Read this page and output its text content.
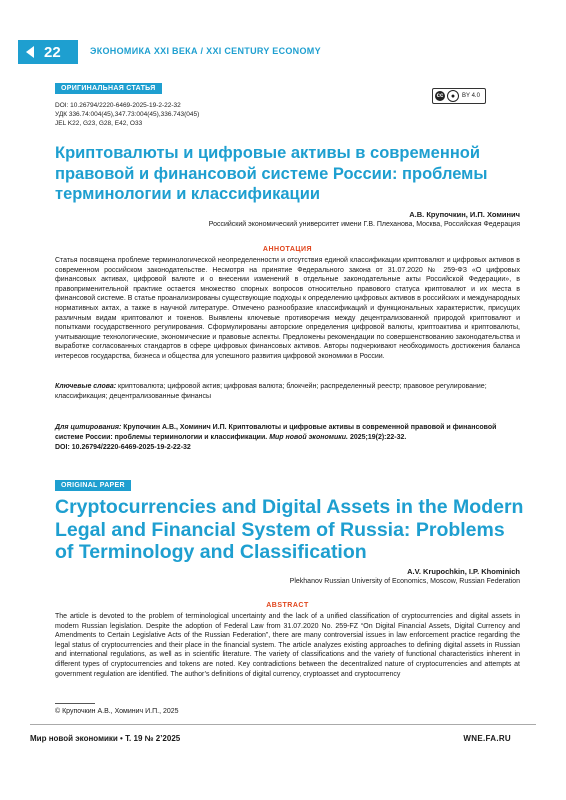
22	ЭКОНОМИКА XXI ВЕКА / XXI CENTURY ECONOMY
ОРИГИНАЛЬНАЯ СТАТЬЯ
cc	●	BY 4.0
DOI: 10.26794/2220-6469-2025-19-2-22-32
УДК 336.74:004(45),347.73:004(45),336.743(045)
JEL K22, G23, G28, E42, O33
Криптовалюты и цифровые активы в современной правовой и финансовой системе России: проблемы терминологии и классификации
А.В. Крупочкин, И.П. Хоминич
Российский экономический университет имени Г.В. Плеханова, Москва, Российская Федерация
АННОТАЦИЯ

Статья посвящена проблеме терминологической неопределенности и отсутствия единой классификации криптовалют и цифровых активов в современном российском законодательстве. Несмотря на принятие Федерального закона от 31.07.2020 № 259-ФЗ «О цифровых финансовых активах, цифровой валюте и о внесении изменений в отдельные законодательные акты Российской Федерации», в правоприменительной практике остается множество спорных вопросов относительно правового статуса криптовалют и их места в финансовой системе. В статье проанализированы существующие подходы к определению цифровых активов в российских и международных нормативных актах, а также в научной литературе. Отмечено разнообразие классификаций и функциональных характеристик, присущих различным видам криптовалют и токенов. Выявлены ключевые противоречия между децентрализованной природой криптовалют и попытками государственного регулирования. Сформулированы авторские определения цифровой валюты, криптоактива и криптовалюты, учитывающие технологические, экономические и правовые аспекты. Предложены рекомендации по совершенствованию законодательства и выработке согласованных стандартов в сфере цифровых финансовых активов. Авторы подчеркивают необходимость достижения баланса интересов государства, бизнеса и общества для успешного развития цифровой экономики в России.

Ключевые слова: криптовалюта; цифровой актив; цифровая валюта; блокчейн; распределенный реестр; правовое регулирование; классификация; децентрализованные финансы

Для цитирования: Крупочкин А.В., Хоминич И.П. Криптовалюты и цифровые активы в современной правовой и финансовой системе России: проблемы терминологии и классификации. Мир новой экономики. 2025;19(2):22-32.
DOI: 10.26794/2220-6469-2025-19-2-22-32

ORIGINAL PAPER
Cryptocurrencies and Digital Assets in the Modern Legal and Financial System of Russia: Problems of Terminology and Classification
A.V. Krupochkin, I.P. Khominich
Plekhanov Russian University of Economics, Moscow, Russian Federation
ABSTRACT

The article is devoted to the problem of terminological uncertainty and the lack of a unified classification of cryptocurrencies and digital assets in modern Russian legislation. Despite the adoption of Federal Law from 31.07.2020 No. 259-FZ “On Digital Financial Assets, Digital Currency and Amendments to Certain Legislative Acts of the Russian Federation”, there are many controversial issues in law enforcement practice regarding the legal status of cryptocurrencies and their place in the financial system. The article analyzes existing approaches to defining digital assets in Russian and international regulations, as well as in scientific literature. The variety of classifications and the variety of functional characteristics inherent in different types of cryptocurrencies and tokens are noted. Key contradictions between the decentralized nature of cryptocurrencies and attempts at government regulation are identified. The author’s definitions of digital currency, cryptoasset and cryptocurrency

© Крупочкин А.В., Хоминич И.П., 2025
Мир новой экономики • Т. 19 № 2’2025	WNE.FA.RU
